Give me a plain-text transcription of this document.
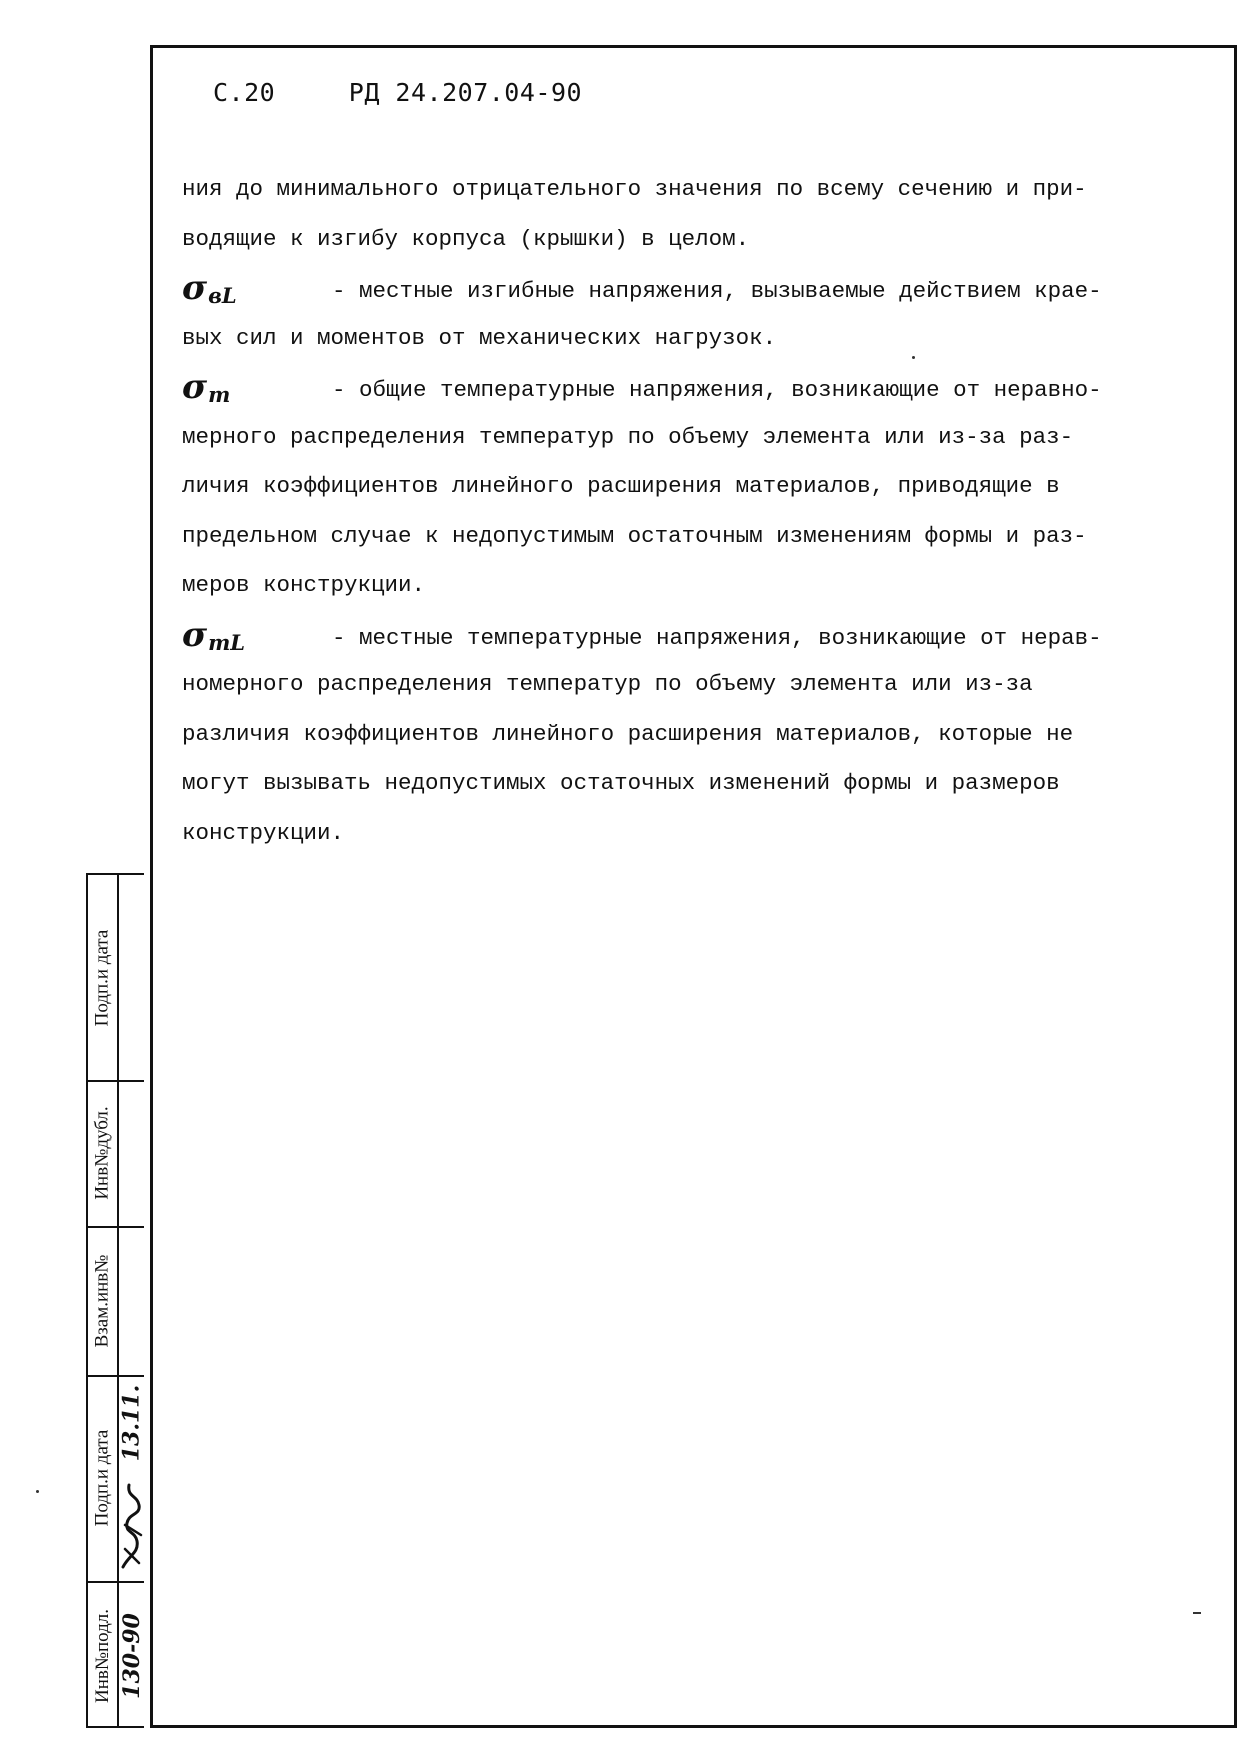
С.20	РД 24.207.04-90
ния до минимального отрицательного значения по всему сечению и при-
водящие к изгибу корпуса (крышки) в целом.
$\sigma_{вL}$	- местные изгибные напряжения, вызываемые действием крае-
вых сил и моментов от механических нагрузок.
$\sigma_т$	- общие температурные напряжения, возникающие от неравно-
мерного распределения температур по объему элемента или из-за раз-
личия коэффициентов линейного расширения материалов, приводящие в
предельном случае к недопустимым остаточным изменениям формы и раз-
меров конструкции.
$\sigma_{тL}$	- местные температурные напряжения, возникающие от нерав-
номерного распределения температур по объему элемента или из-за
различия коэффициентов линейного расширения материалов, которые не
могут вызывать недопустимых остаточных изменений формы и размеров
конструкции.
Подп.и дата
Инв№дубл.
Взам.инв№
Подп.и дата
13.11.
Инв№подл. 130-90
